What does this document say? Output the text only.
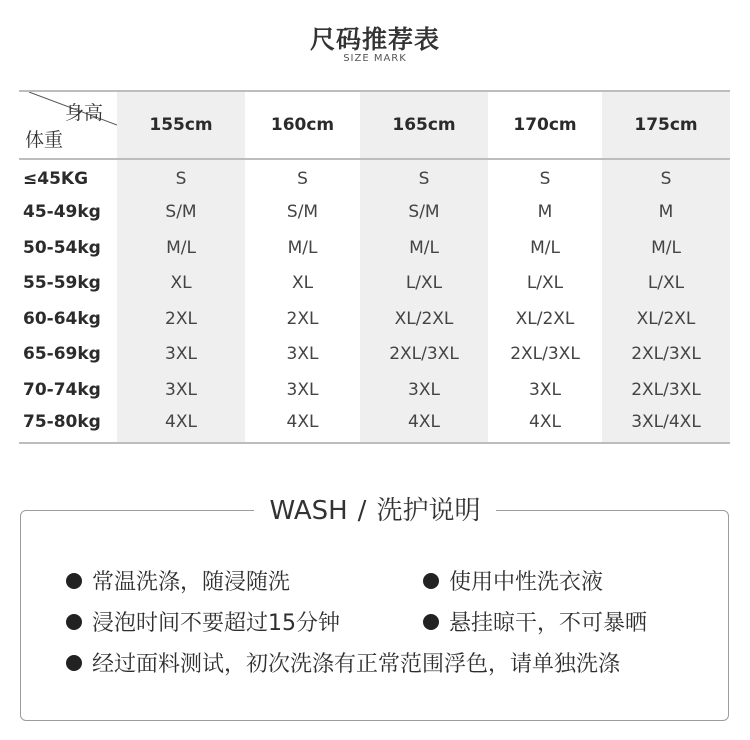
尺码推荐表
SIZE MARK
身高
体重	155cm	160cm	165cm	170cm	175cm
≤45KG	S	S	S	S	S
45-49kg	S/M	S/M	S/M	M	M
50-54kg	M/L	M/L	M/L	M/L	M/L
55-59kg	XL	XL	L/XL	L/XL	L/XL
60-64kg	2XL	2XL	XL/2XL	XL/2XL	XL/2XL
65-69kg	3XL	3XL	2XL/3XL	2XL/3XL	2XL/3XL
70-74kg	3XL	3XL	3XL	3XL	2XL/3XL
75-80kg	4XL	4XL	4XL	4XL	3XL/4XL
WASH / 洗护说明
常温洗涤，随浸随洗	使用中性洗衣液
浸泡时间不要超过15分钟	悬挂晾干，不可暴晒
经过面料测试，初次洗涤有正常范围浮色，请单独洗涤
